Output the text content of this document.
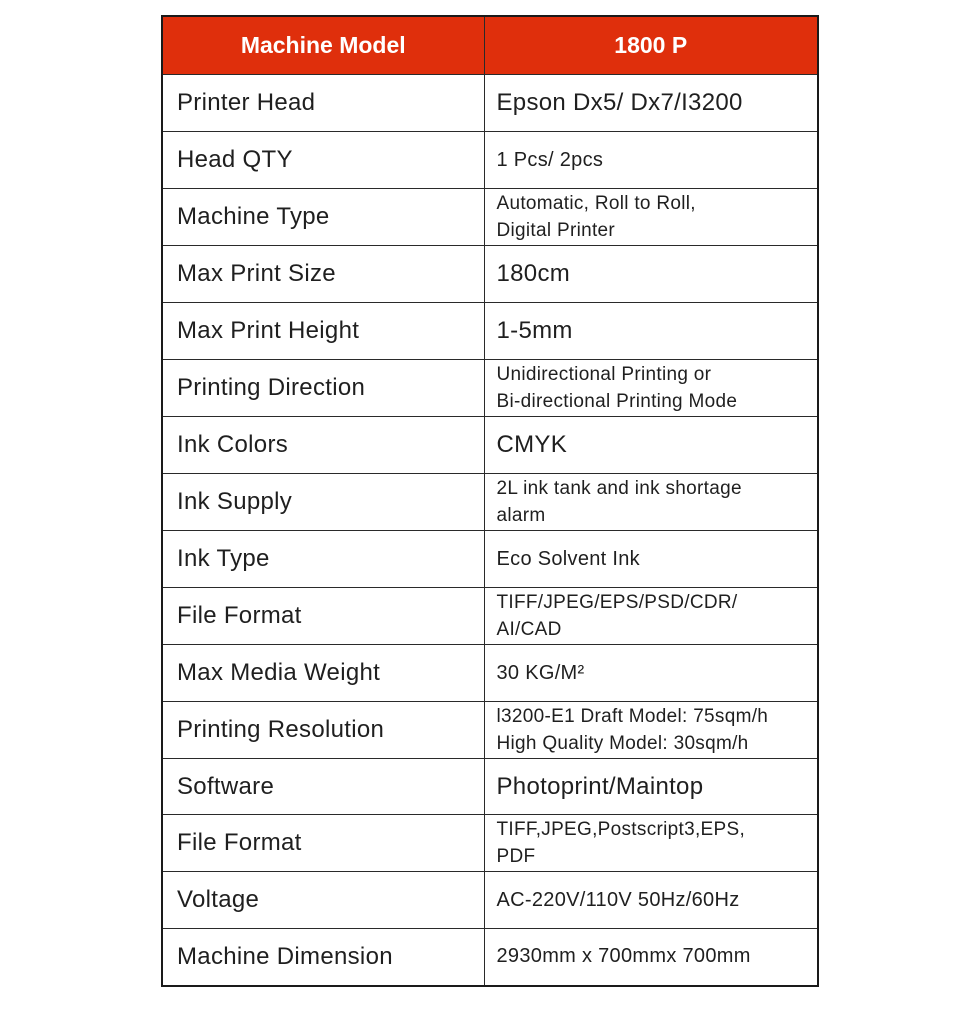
Machine Model	1800 P
Printer Head	Epson Dx5/ Dx7/I3200
Head QTY	1 Pcs/ 2pcs
Machine Type	Automatic, Roll to Roll,
Digital Printer

Max Print Size	180cm
Max Print Height	1-5mm
Printing Direction	Unidirectional Printing or
Bi-directional Printing Mode

Ink Colors	CMYK
Ink Supply	2L ink tank and ink shortage
alarm

Ink Type	Eco Solvent Ink
File Format	TIFF/JPEG/EPS/PSD/CDR/
AI/CAD

Max Media Weight	30 KG/M²
Printing Resolution	l3200-E1 Draft Model: 75sqm/h
High Quality Model: 30sqm/h

Software	Photoprint/Maintop
File Format	TIFF,JPEG,Postscript3,EPS,
PDF

Voltage	AC-220V/110V 50Hz/60Hz
Machine Dimension	2930mm x 700mmx 700mm
